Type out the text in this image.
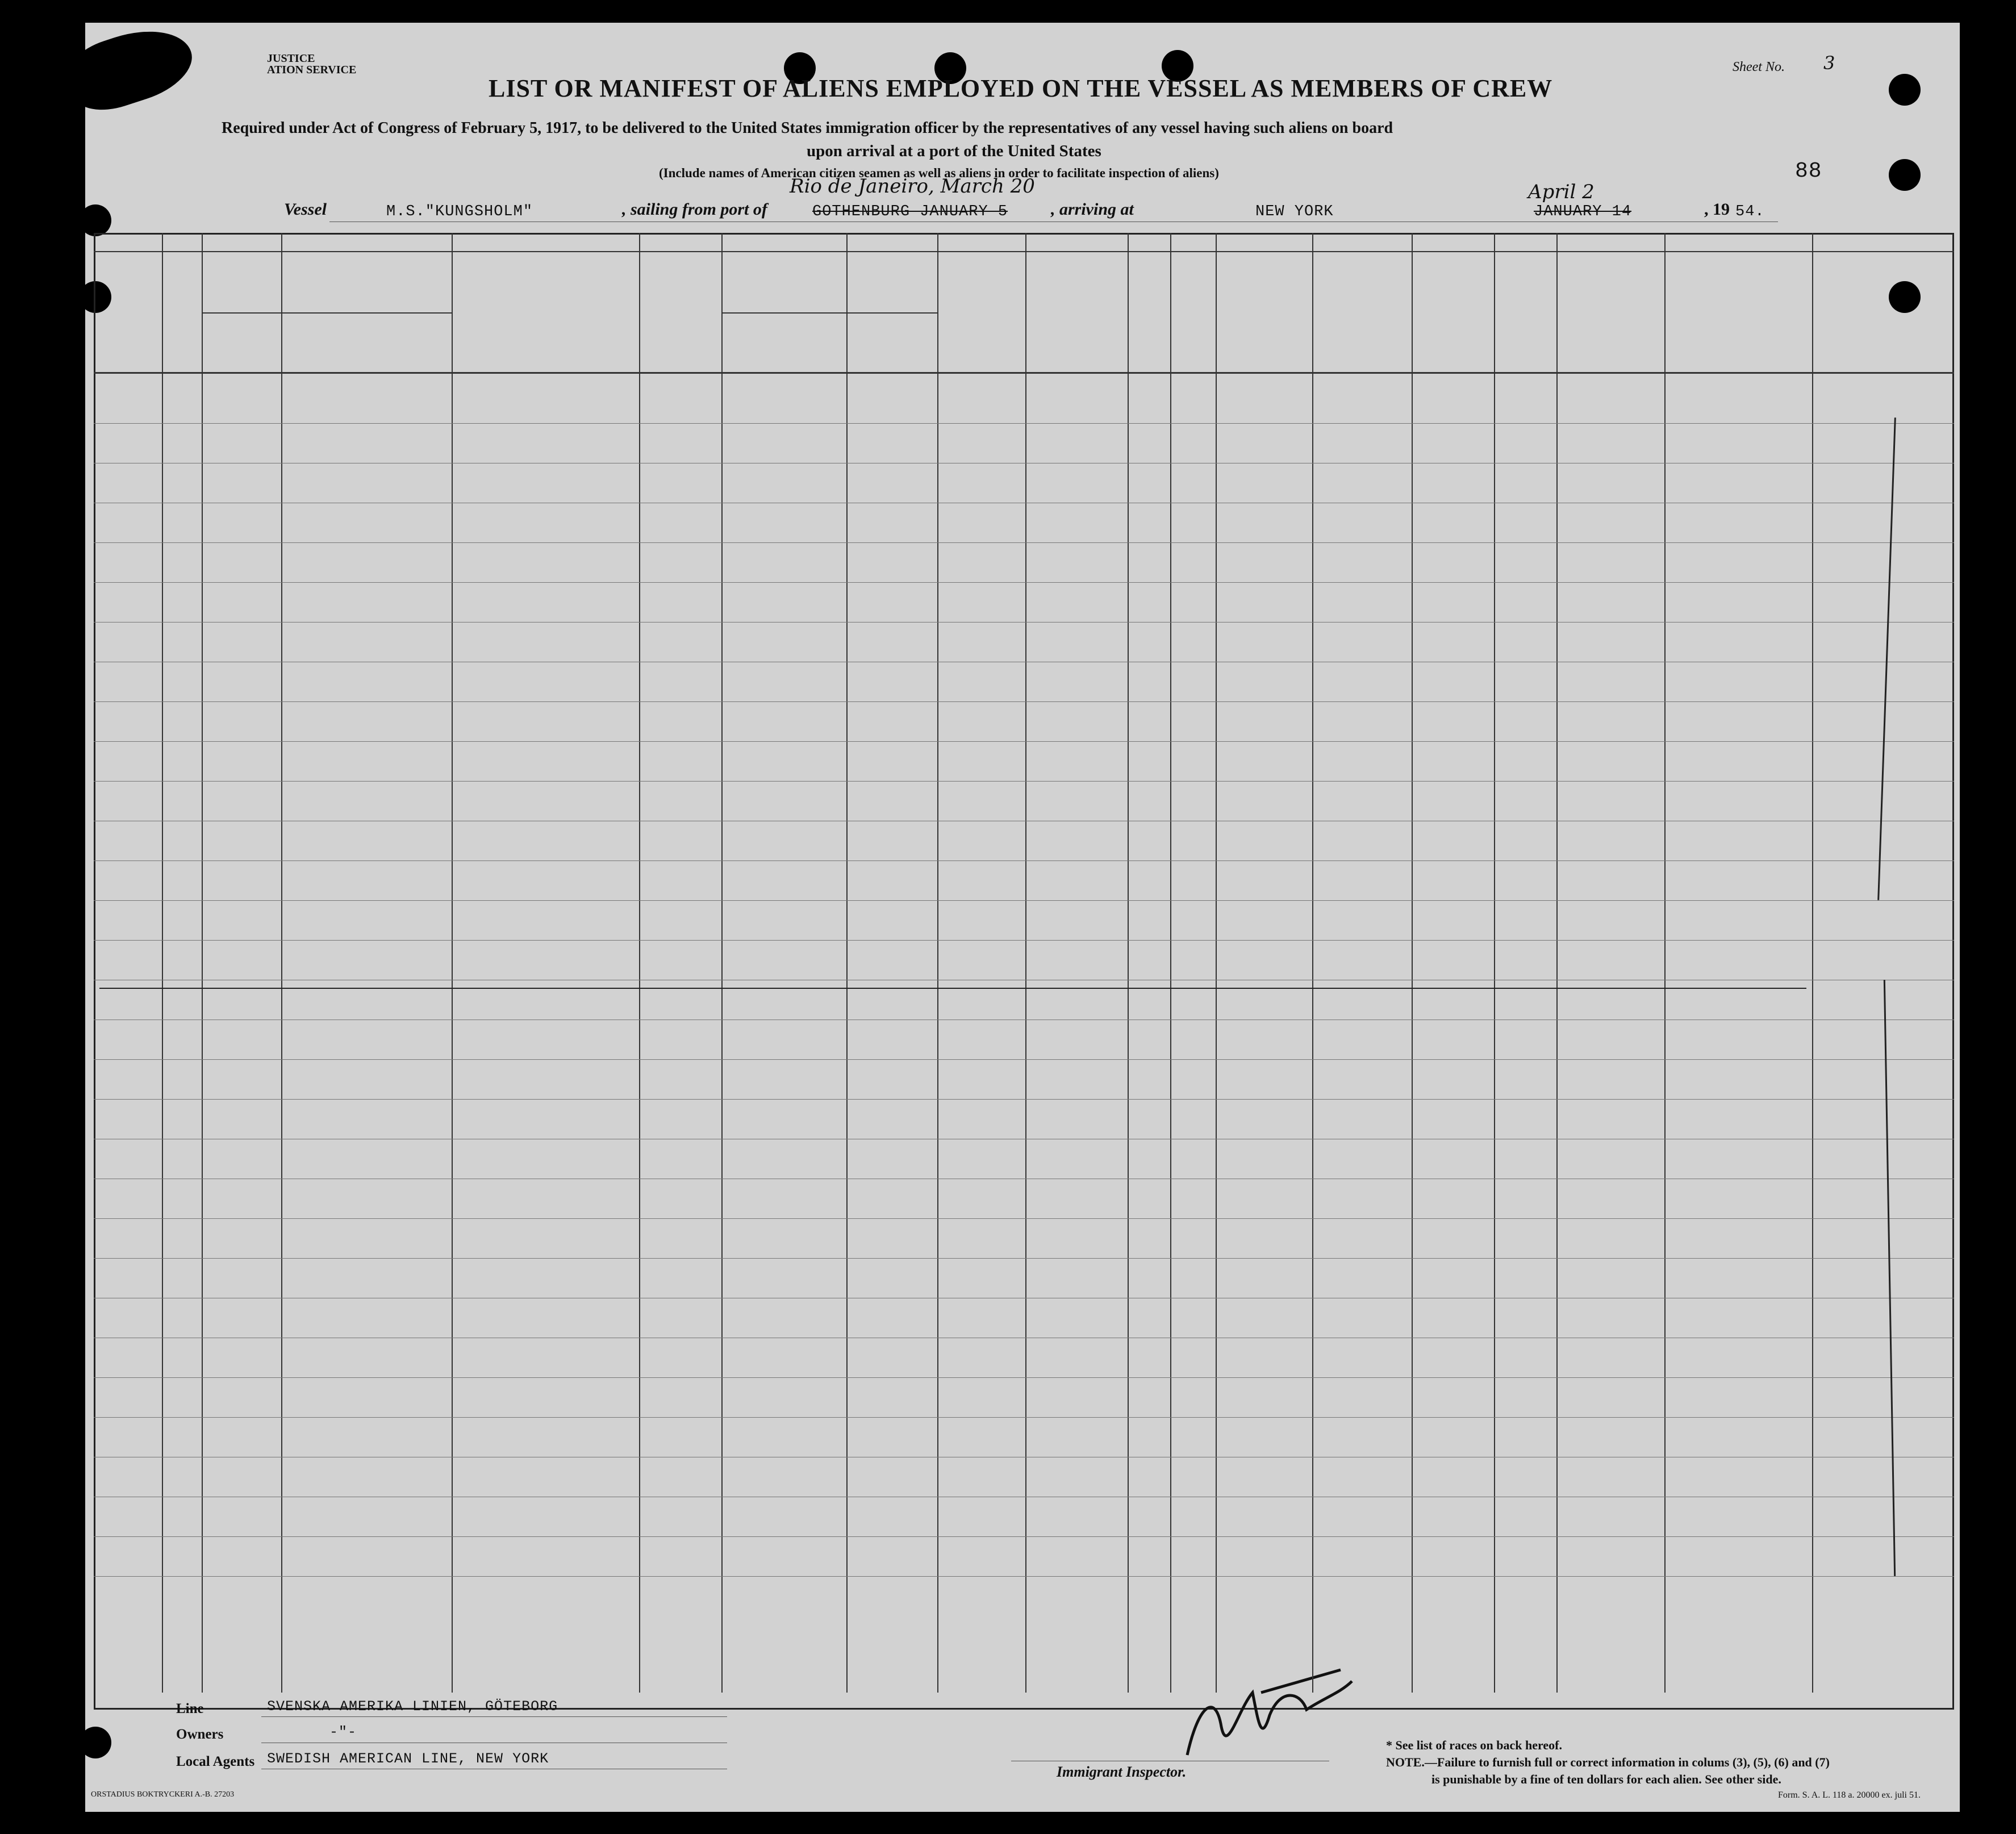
JUSTICE
ATION SERVICE	Sheet No. 3
LIST OR MANIFEST OF ALIENS EMPLOYED ON THE VESSEL AS MEMBERS OF CREW
Required under Act of Congress of February 5, 1917, to be delivered to the United States immigration officer by the representatives of any vessel having such aliens on board
upon arrival at a port of the United States
(Include names of American citizen seamen as well as aliens in order to facilitate inspection of aliens)	88
Vessel	M.S."KUNGSHOLM"	, sailing from port of	GOTHENBURG JANUARY 5
Rio de Janeiro, March 20
, arriving at	NEW YORK	JANUARY 14
April 2
, 19 54.
Line	SVENSKA AMERIKA LINIEN, GÖTEBORG
Owners	-"-
Local Agents SWEDISH AMERICAN LINE, NEW YORK
Immigrant Inspector.
* See list of races on back hereof.
NOTE.—Failure to furnish full or correct information in colums (3), (5), (6) and (7)
is punishable by a fine of ten dollars for each alien. See other side.
ORSTADIUS BOKTRYCKERI A.-B. 27203	Form. S. A. L. 118 a. 20000 ex. juli 51.
